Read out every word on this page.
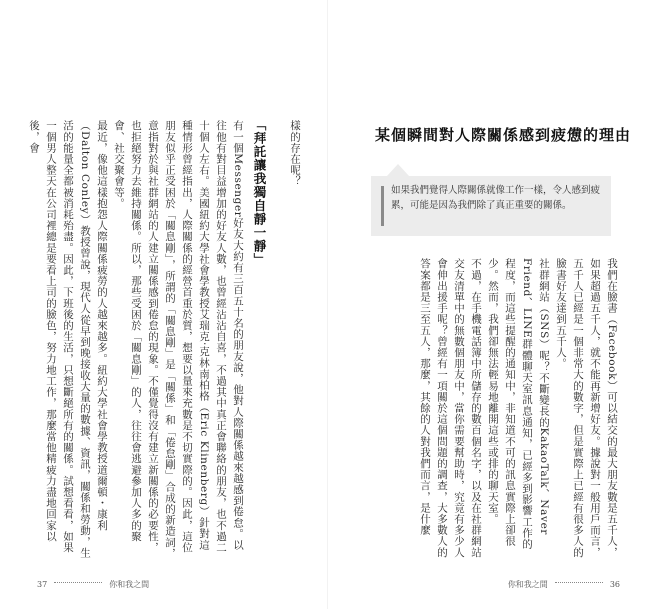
樣的存在呢？

「拜託讓我獨自靜一靜」

有一個Messenger好友大約有三百五十名的朋友說，他對人際關係越來越感到倦怠。以往他有對目益增加的好友人數，也曾經沾沾自喜，不過其中真正會聯絡的朋友，也不過二十個人左右。美國紐約大學社會學教授艾瑞克‧克林南柏格（Eric Klinenberg）針對這種情形曾經指出，人際關係的經營首重於質，想要以量來充數是不切實際的。因此，這位朋友似乎正受困於「關息剛」，所謂的「關息剛」是「關係」和「倦怠剛」合成的新造詞，意指對於與社群網站的人建立關係感到倦怠的現象。不僅覺得沒有建立新關係的必要性，也拒絕努力去維持關係。所以，那些受困於「關息剛」的人，往往會逃避參加人多的聚會、社交聚會等。

最近，像他這樣抱怨人際關係疲勞的人越來越多。紐約大學社會學教授道爾頓・康利（Dalton Conley）教授曾說，現代人從早到晚接收大量的數據、資訊，關係和勞動，生活的能量全都被消耗殆盡。因此，下班後的生活，只想斷絕所有的關係。試想看看，如果一個男人整天在公司裡總是要看上司的臉色，努力地工作，那麼當他精疲力盡地回家以後，會

37	你和我之間
某個瞬間對人際關係感到疲憊的理由
如果我們覺得人際關係就像工作一樣，令人感到疲累，可能是因為我們除了真正重要的關係。

我們在臉書（Facebook）可以結交的最大朋友數是五千人，如果超過五千人，就不能再新增好友。據說對一般用戶而言，五千人已經是一個非常大的數字，但是實際上已經有很多人的臉書好友達到五千人。

社群網站（SNS）呢？不斷變長的KakaoTalk、Naver Friend、LINE群體聊天室訊息通知，已經多到影響工作的程度，而這些提醒的通知中，非知道不可的訊息實際上卻很少。然而，我們卻無法輕易地離開這些或排的聊天室。

不過，在手機電話簿中所儲存的數百個名字，以及在社群網站交友清單中的無數個朋友中，當你需要幫助時，究竟有多少人會伸出援手呢？曾經有一項關於這個問題的調查，大多數人的答案都是三至五人，那麼，其餘的人對我們而言，是什麼

你和我之間	36
